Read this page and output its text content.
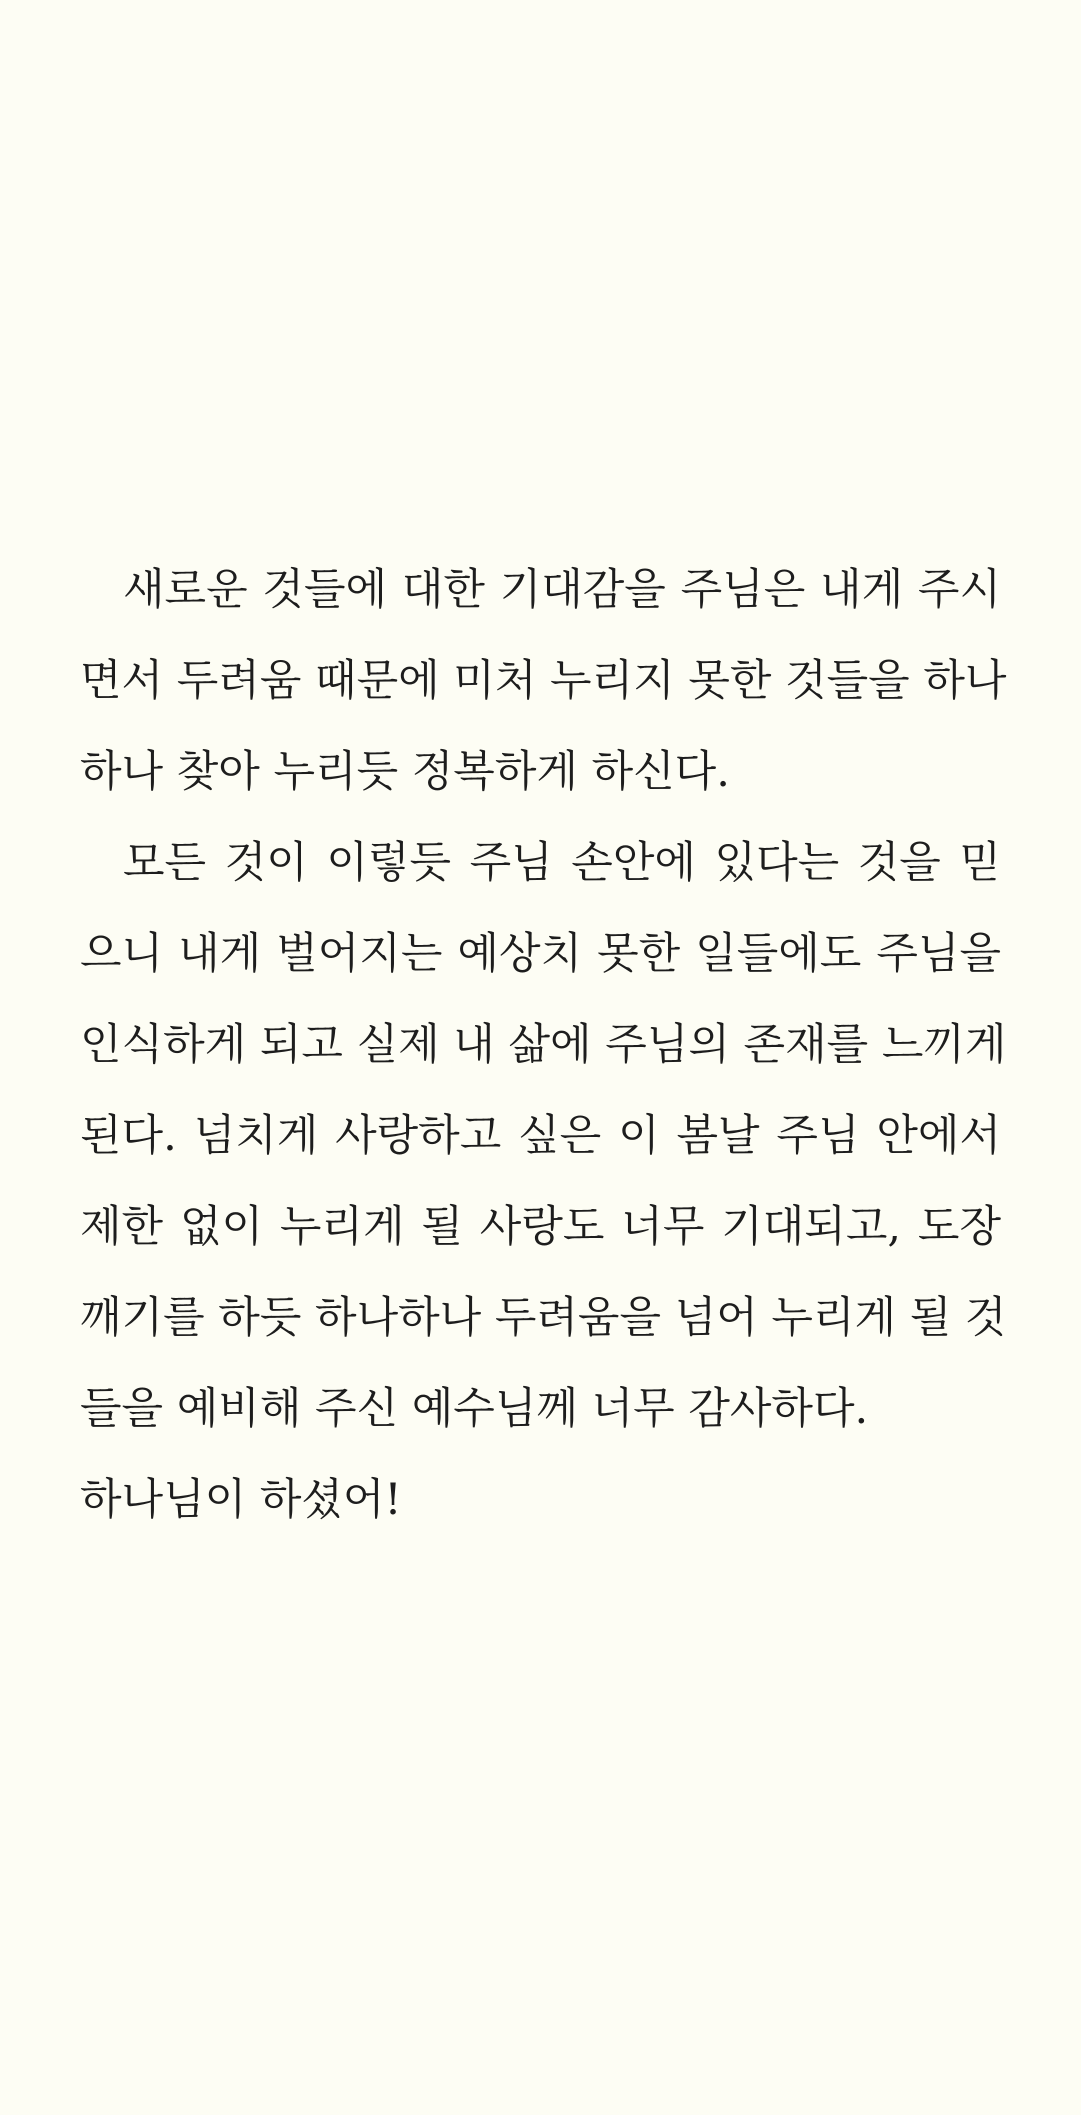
새로운 것들에 대한 기대감을 주님은 내게 주시
면서 두려움 때문에 미처 누리지 못한 것들을 하나
하나 찾아 누리듯 정복하게 하신다.
모든 것이 이렇듯 주님 손안에 있다는 것을 믿
으니 내게 벌어지는 예상치 못한 일들에도 주님을
인식하게 되고 실제 내 삶에 주님의 존재를 느끼게
된다. 넘치게 사랑하고 싶은 이 봄날 주님 안에서
제한 없이 누리게 될 사랑도 너무 기대되고, 도장
깨기를 하듯 하나하나 두려움을 넘어 누리게 될 것
들을 예비해 주신 예수님께 너무 감사하다.
하나님이 하셨어!
